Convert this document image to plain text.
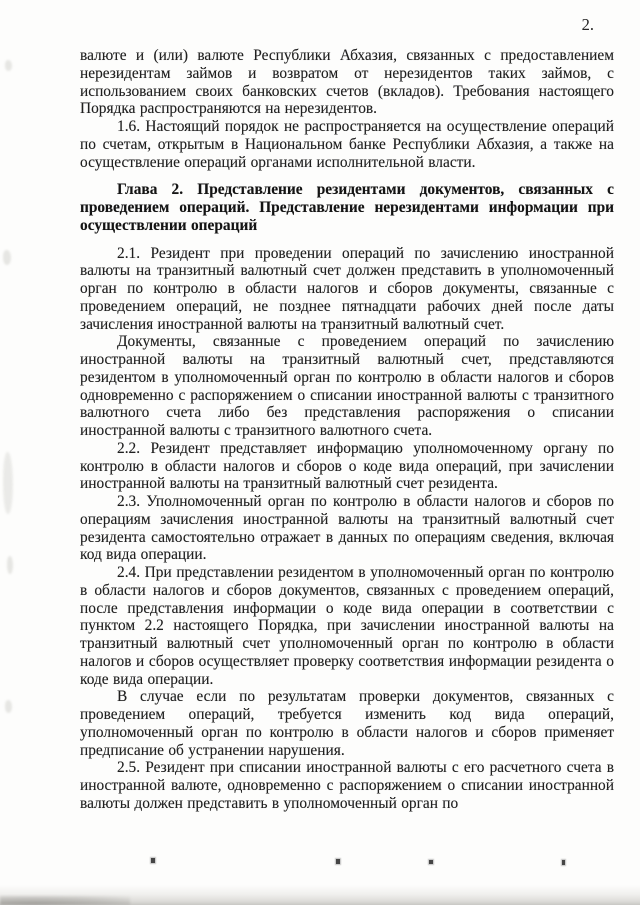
2.

валюте и (или) валюте Республики Абхазия, связанных с предоставлением нерезидентам займов и возвратом от нерезидентов таких займов, с использованием своих банковских счетов (вкладов). Требования настоящего Порядка распространяются на нерезидентов.

1.6. Настоящий порядок не распространяется на осуществление операций по счетам, открытым в Национальном банке Республики Абхазия, а также на осуществление операций органами исполнительной власти.

Глава 2. Представление резидентами документов, связанных с проведением операций. Представление нерезидентами информации при осуществлении операций

2.1. Резидент при проведении операций по зачислению иностранной валюты на транзитный валютный счет должен представить в уполномоченный орган по контролю в области налогов и сборов документы, связанные с проведением операций, не позднее пятнадцати рабочих дней после даты зачисления иностранной валюты на транзитный валютный счет.

Документы, связанные с проведением операций по зачислению иностранной валюты на транзитный валютный счет, представляются резидентом в уполномоченный орган по контролю в области налогов и сборов одновременно с распоряжением о списании иностранной валюты с транзитного валютного счета либо без представления распоряжения о списании иностранной валюты с транзитного валютного счета.

2.2. Резидент представляет информацию уполномоченному органу по контролю в области налогов и сборов о коде вида операций, при зачислении иностранной валюты на транзитный валютный счет резидента.

2.3. Уполномоченный орган по контролю в области налогов и сборов по операциям зачисления иностранной валюты на транзитный валютный счет резидента самостоятельно отражает в данных по операциям сведения, включая код вида операции.

2.4. При представлении резидентом в уполномоченный орган по контролю в области налогов и сборов документов, связанных с проведением операций, после представления информации о коде вида операции в соответствии с пунктом 2.2 настоящего Порядка, при зачислении иностранной валюты на транзитный валютный счет уполномоченный орган по контролю в области налогов и сборов осуществляет проверку соответствия информации резидента о коде вида операции.

В случае если по результатам проверки документов, связанных с проведением операций, требуется изменить код вида операций, уполномоченный орган по контролю в области налогов и сборов применяет предписание об устранении нарушения.

2.5. Резидент при списании иностранной валюты с его расчетного счета в иностранной валюте, одновременно с распоряжением о списании иностранной валюты должен представить в уполномоченный орган по
